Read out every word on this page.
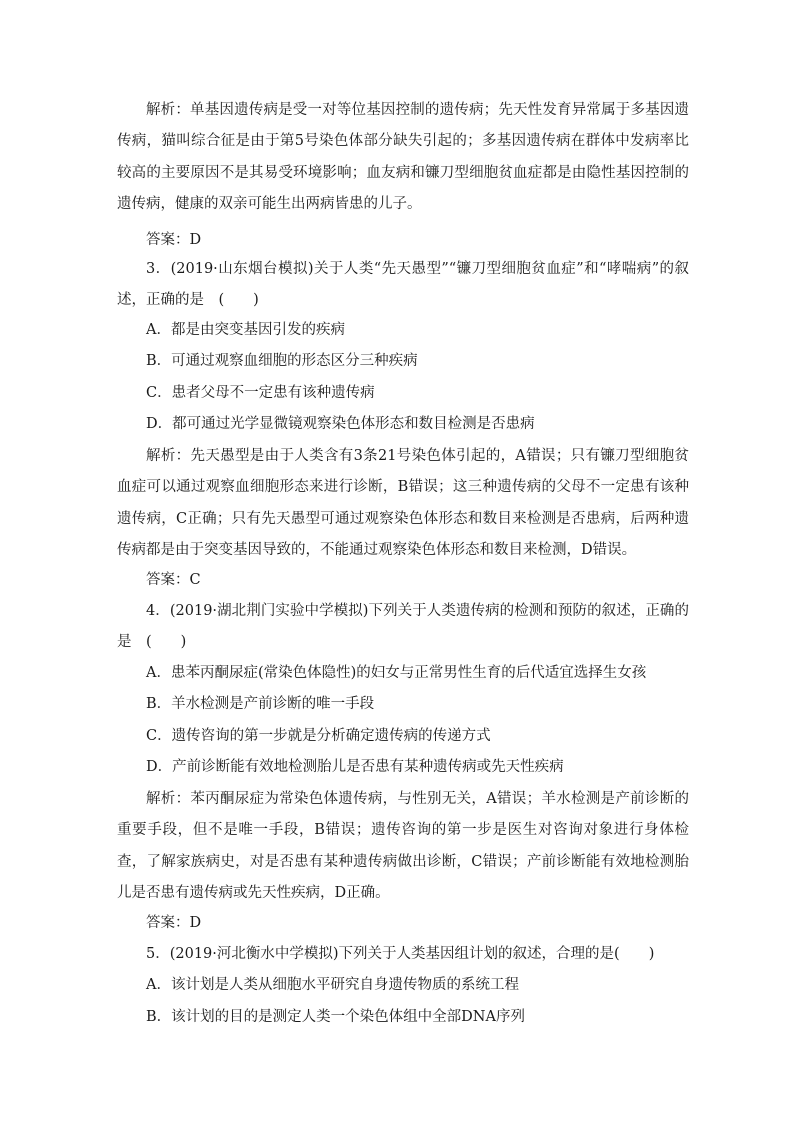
解析：单基因遗传病是受一对等位基因控制的遗传病；先天性发育异常属于多基因遗传病，猫叫综合征是由于第5号染色体部分缺失引起的；多基因遗传病在群体中发病率比较高的主要原因不是其易受环境影响；血友病和镰刀型细胞贫血症都是由隐性基因控制的遗传病，健康的双亲可能生出两病皆患的儿子。

答案：D

3．(2019·山东烟台模拟)关于人类“先天愚型”“镰刀型细胞贫血症”和“哮喘病”的叙述，正确的是　(　　)

A．都是由突变基因引发的疾病
B．可通过观察血细胞的形态区分三种疾病
C．患者父母不一定患有该种遗传病
D．都可通过光学显微镜观察染色体形态和数目检测是否患病

解析：先天愚型是由于人类含有3条21号染色体引起的，A错误；只有镰刀型细胞贫血症可以通过观察血细胞形态来进行诊断，B错误；这三种遗传病的父母不一定患有该种遗传病，C正确；只有先天愚型可通过观察染色体形态和数目来检测是否患病，后两种遗传病都是由于突变基因导致的，不能通过观察染色体形态和数目来检测，D错误。

答案：C

4．(2019·湖北荆门实验中学模拟)下列关于人类遗传病的检测和预防的叙述，正确的是　(　　)

A．患苯丙酮尿症(常染色体隐性)的妇女与正常男性生育的后代适宜选择生女孩
B．羊水检测是产前诊断的唯一手段
C．遗传咨询的第一步就是分析确定遗传病的传递方式
D．产前诊断能有效地检测胎儿是否患有某种遗传病或先天性疾病

解析：苯丙酮尿症为常染色体遗传病，与性别无关，A错误；羊水检测是产前诊断的重要手段，但不是唯一手段，B错误；遗传咨询的第一步是医生对咨询对象进行身体检查，了解家族病史，对是否患有某种遗传病做出诊断，C错误；产前诊断能有效地检测胎儿是否患有遗传病或先天性疾病，D正确。

答案：D
5．(2019·河北衡水中学模拟)下列关于人类基因组计划的叙述，合理的是(　　)
A．该计划是人类从细胞水平研究自身遗传物质的系统工程
B．该计划的目的是测定人类一个染色体组中全部DNA序列
